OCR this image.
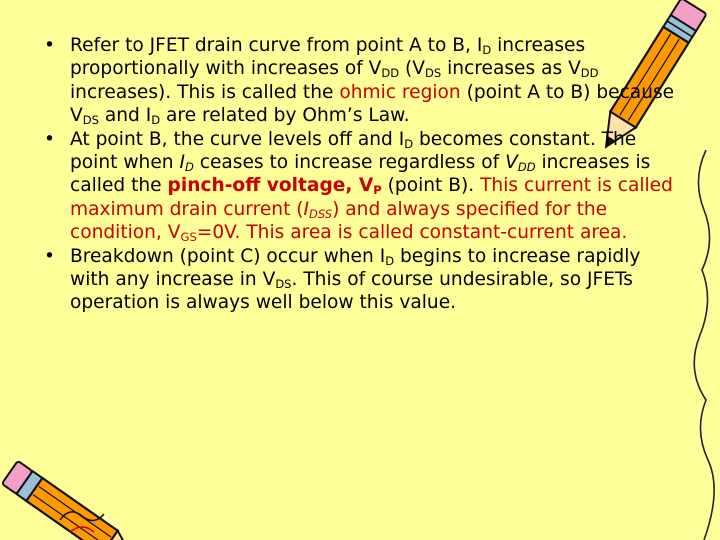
• Refer to JFET drain curve from point A to B, $I_D$ increases proportionally with increases of $V_{DD}$ ($V_{DS}$ increases as $V_{DD}$ increases). This is called the ohmic region (point A to B) because $V_{DS}$ and $I_D$ are related by Ohm’s Law.
• At point B, the curve levels off and $I_D$ becomes constant. The point when $I_D$ ceases to increase regardless of $V_{DD}$ increases is called the pinch-off voltage, $V_P$ (point B). This current is called maximum drain current $(I_{DSS})$ and always specified for the condition, $V_{GS}=0V$. This area is called constant-current area.
• Breakdown (point C) occur when $I_D$ begins to increase rapidly with any increase in $V_{DS}$. This of course undesirable, so JFETs operation is always well below this value.
